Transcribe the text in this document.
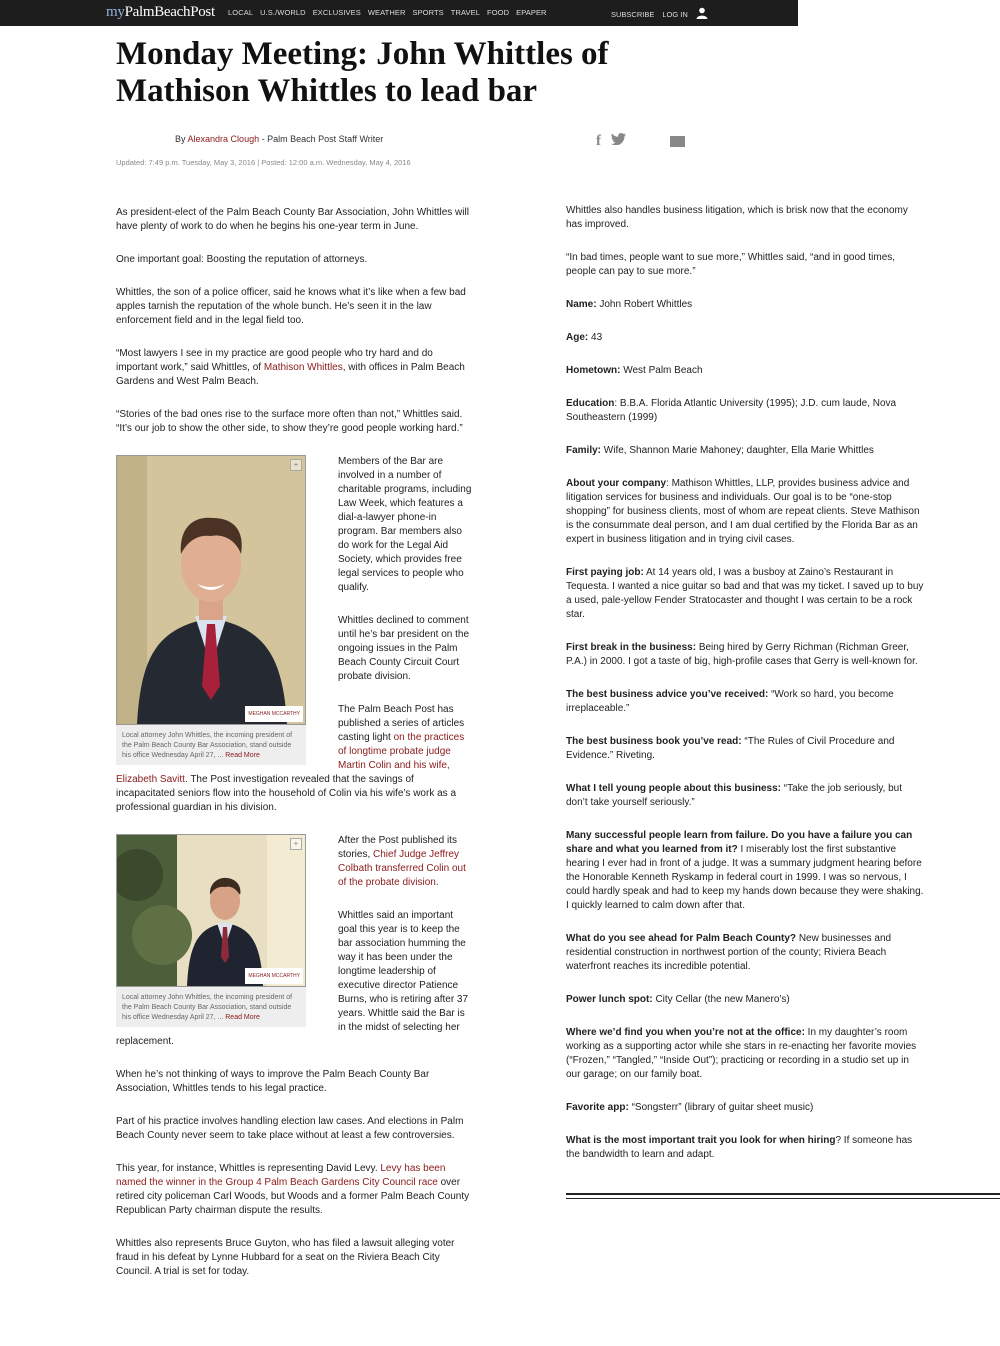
myPalmBeachPost LOCAL U.S./WORLD EXCLUSIVES WEATHER SPORTS TRAVEL FOOD EPAPER	SUBSCRIBE LOG IN
Monday Meeting: John Whittles of Mathison Whittles to lead bar
By Alexandra Clough - Palm Beach Post Staff Writer	f
Updated: 7:49 p.m. Tuesday, May 3, 2016 | Posted: 12:00 a.m. Wednesday, May 4, 2016

As president-elect of the Palm Beach County Bar Association, John Whittles will have plenty of work to do when he begins his one-year term in June.

One important goal: Boosting the reputation of attorneys.

Whittles, the son of a police officer, said he knows what it’s like when a few bad apples tarnish the reputation of the whole bunch. He’s seen it in the law enforcement field and in the legal field too.

“Most lawyers I see in my practice are good people who try hard and do important work,” said Whittles, of Mathison Whittles, with offices in Palm Beach Gardens and West Palm Beach.

“Stories of the bad ones rise to the surface more often than not,” Whittles said. “It’s our job to show the other side, to show they’re good people working hard.”

+
MEGHAN MCCARTHY
Local attorney John Whittles, the incoming president of the Palm Beach County Bar Association, stand outside his office Wednesday April 27, ... Read More

Members of the Bar are involved in a number of charitable programs, including Law Week, which features a dial-a-lawyer phone-in program. Bar members also do work for the Legal Aid Society, which provides free legal services to people who qualify.

Whittles declined to comment until he’s bar president on the ongoing issues in the Palm Beach County Circuit Court probate division.

The Palm Beach Post has published a series of articles casting light on the practices of longtime probate judge Martin Colin and his wife, Elizabeth Savitt. The Post investigation revealed that the savings of incapacitated seniors flow into the household of Colin via his wife’s work as a professional guardian in his division.

+
MEGHAN MCCARTHY
Local attorney John Whittles, the incoming president of the Palm Beach County Bar Association, stand outside his office Wednesday April 27, ... Read More

After the Post published its stories, Chief Judge Jeffrey Colbath transferred Colin out of the probate division.

Whittles said an important goal this year is to keep the bar association humming the way it has been under the longtime leadership of executive director Patience Burns, who is retiring after 37 years. Whittle said the Bar is in the midst of selecting her replacement.

When he’s not thinking of ways to improve the Palm Beach County Bar Association, Whittles tends to his legal practice.

Part of his practice involves handling election law cases. And elections in Palm Beach County never seem to take place without at least a few controversies.

This year, for instance, Whittles is representing David Levy. Levy has been named the winner in the Group 4 Palm Beach Gardens City Council race over retired city policeman Carl Woods, but Woods and a former Palm Beach County Republican Party chairman dispute the results.

Whittles also represents Bruce Guyton, who has filed a lawsuit alleging voter fraud in his defeat by Lynne Hubbard for a seat on the Riviera Beach City Council. A trial is set for today.

Whittles also handles business litigation, which is brisk now that the economy has improved.

“In bad times, people want to sue more,” Whittles said, “and in good times, people can pay to sue more.”

Name: John Robert Whittles

Age: 43

Hometown: West Palm Beach

Education: B.B.A. Florida Atlantic University (1995); J.D. cum laude, Nova Southeastern (1999)

Family: Wife, Shannon Marie Mahoney; daughter, Ella Marie Whittles

About your company: Mathison Whittles, LLP, provides business advice and litigation services for business and individuals. Our goal is to be “one-stop shopping” for business clients, most of whom are repeat clients. Steve Mathison is the consummate deal person, and I am dual certified by the Florida Bar as an expert in business litigation and in trying civil cases.

First paying job: At 14 years old, I was a busboy at Zaino’s Restaurant in Tequesta. I wanted a nice guitar so bad and that was my ticket. I saved up to buy a used, pale-yellow Fender Stratocaster and thought I was certain to be a rock star.

First break in the business: Being hired by Gerry Richman (Richman Greer, P.A.) in 2000. I got a taste of big, high-profile cases that Gerry is well-known for.

The best business advice you’ve received: “Work so hard, you become irreplaceable.”

The best business book you’ve read: “The Rules of Civil Procedure and Evidence.” Riveting.

What I tell young people about this business: “Take the job seriously, but don’t take yourself seriously.”

Many successful people learn from failure. Do you have a failure you can share and what you learned from it? I miserably lost the first substantive hearing I ever had in front of a judge. It was a summary judgment hearing before the Honorable Kenneth Ryskamp in federal court in 1999. I was so nervous, I could hardly speak and had to keep my hands down because they were shaking. I quickly learned to calm down after that.

What do you see ahead for Palm Beach County? New businesses and residential construction in northwest portion of the county; Riviera Beach waterfront reaches its incredible potential.

Power lunch spot: City Cellar (the new Manero’s)

Where we’d find you when you’re not at the office: In my daughter’s room working as a supporting actor while she stars in re-enacting her favorite movies (“Frozen,” “Tangled,” “Inside Out”); practicing or recording in a studio set up in our garage; on our family boat.

Favorite app: “Songsterr” (library of guitar sheet music)

What is the most important trait you look for when hiring? If someone has the bandwidth to learn and adapt.
